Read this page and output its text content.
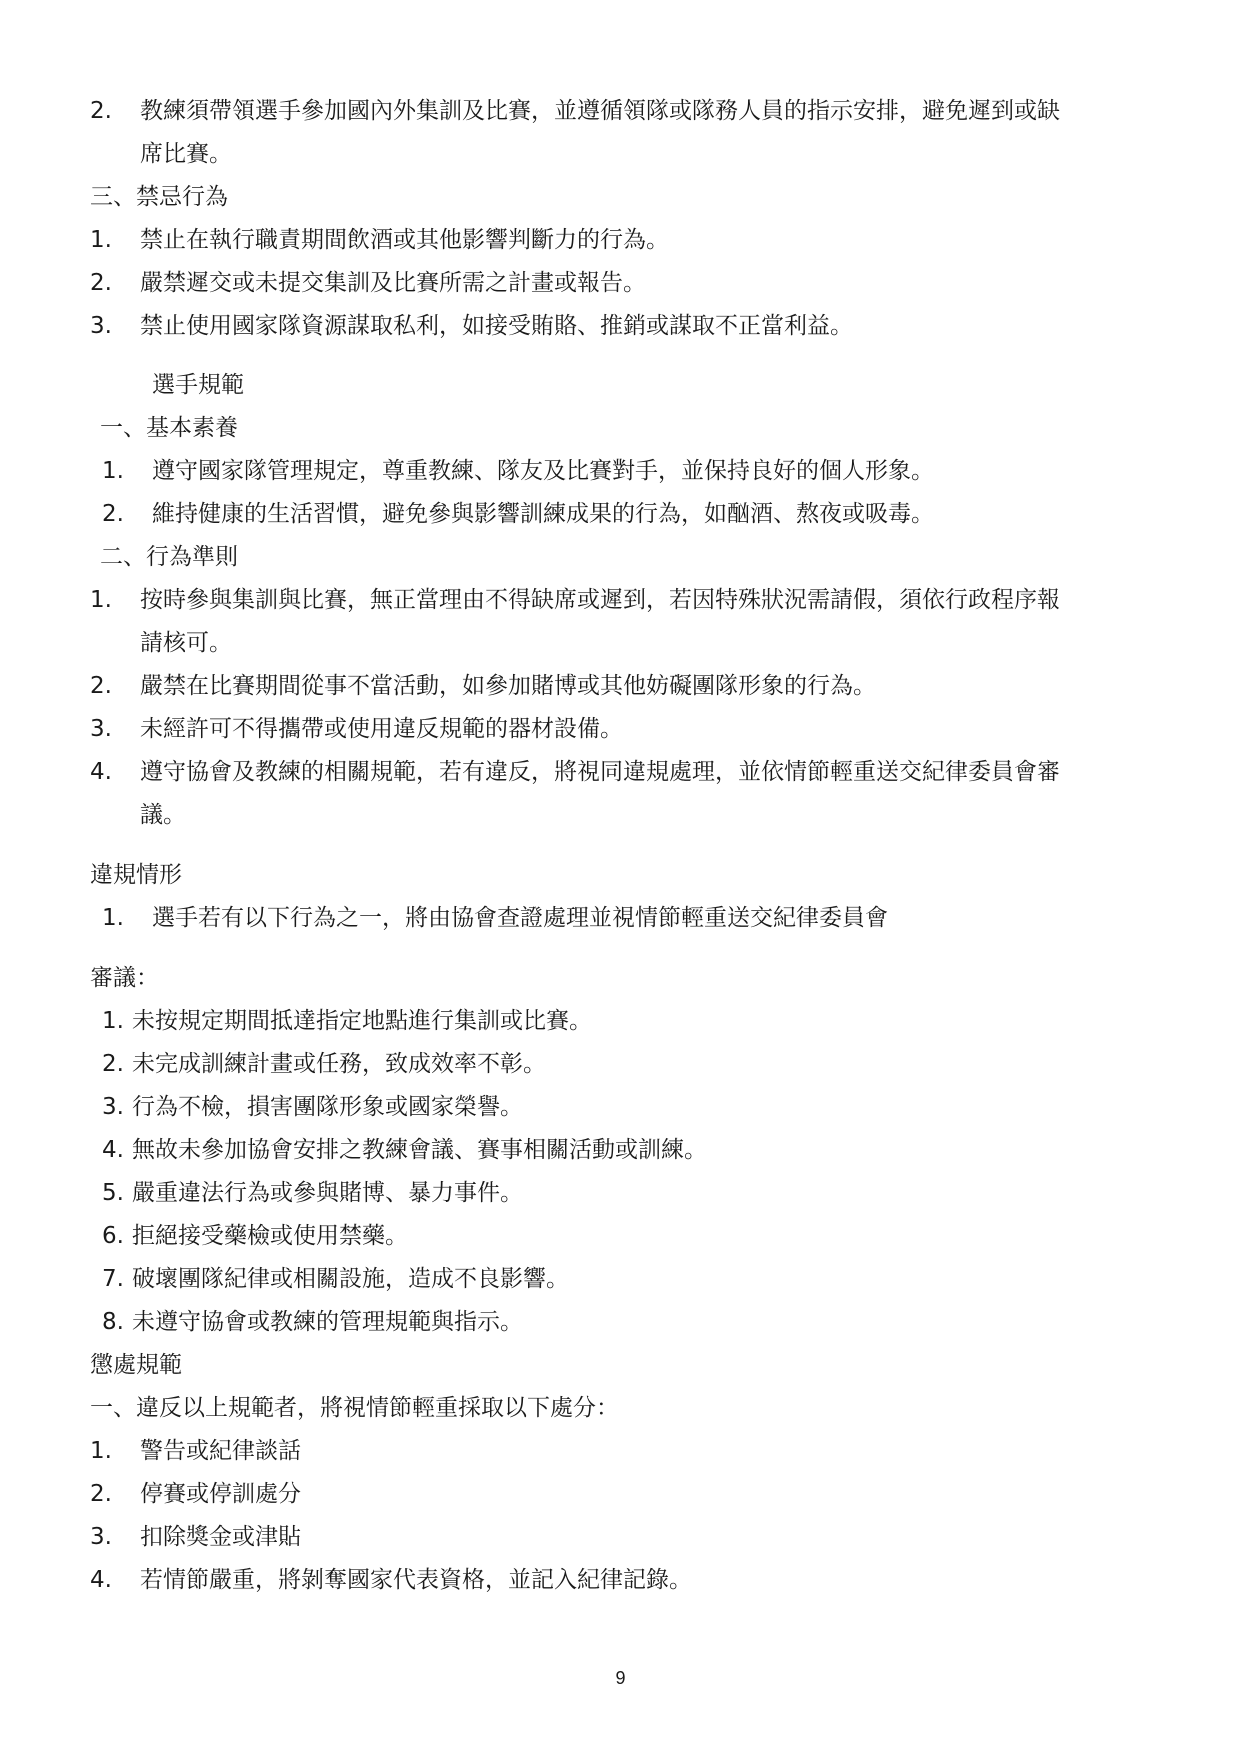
2. 教練須帶領選手參加國內外集訓及比賽，並遵循領隊或隊務人員的指示安排，避免遲到或缺
席比賽。
三、禁忌行為
1. 禁止在執行職責期間飲酒或其他影響判斷力的行為。
2. 嚴禁遲交或未提交集訓及比賽所需之計畫或報告。
3. 禁止使用國家隊資源謀取私利，如接受賄賂、推銷或謀取不正當利益。
選手規範
一、基本素養
1. 遵守國家隊管理規定，尊重教練、隊友及比賽對手，並保持良好的個人形象。
2. 維持健康的生活習慣，避免參與影響訓練成果的行為，如酗酒、熬夜或吸毒。
二、行為準則
1. 按時參與集訓與比賽，無正當理由不得缺席或遲到，若因特殊狀況需請假，須依行政程序報
請核可。
2. 嚴禁在比賽期間從事不當活動，如參加賭博或其他妨礙團隊形象的行為。
3. 未經許可不得攜帶或使用違反規範的器材設備。
4. 遵守協會及教練的相關規範，若有違反，將視同違規處理，並依情節輕重送交紀律委員會審
議。
違規情形
1. 選手若有以下行為之一，將由協會查證處理並視情節輕重送交紀律委員會
審議：
1. 未按規定期間抵達指定地點進行集訓或比賽。
2. 未完成訓練計畫或任務，致成效率不彰。
3. 行為不檢，損害團隊形象或國家榮譽。
4. 無故未參加協會安排之教練會議、賽事相關活動或訓練。
5. 嚴重違法行為或參與賭博、暴力事件。
6. 拒絕接受藥檢或使用禁藥。
7. 破壞團隊紀律或相關設施，造成不良影響。
8. 未遵守協會或教練的管理規範與指示。
懲處規範
一、違反以上規範者，將視情節輕重採取以下處分：
1. 警告或紀律談話
2. 停賽或停訓處分
3. 扣除獎金或津貼
4. 若情節嚴重，將剝奪國家代表資格，並記入紀律記錄。
9
